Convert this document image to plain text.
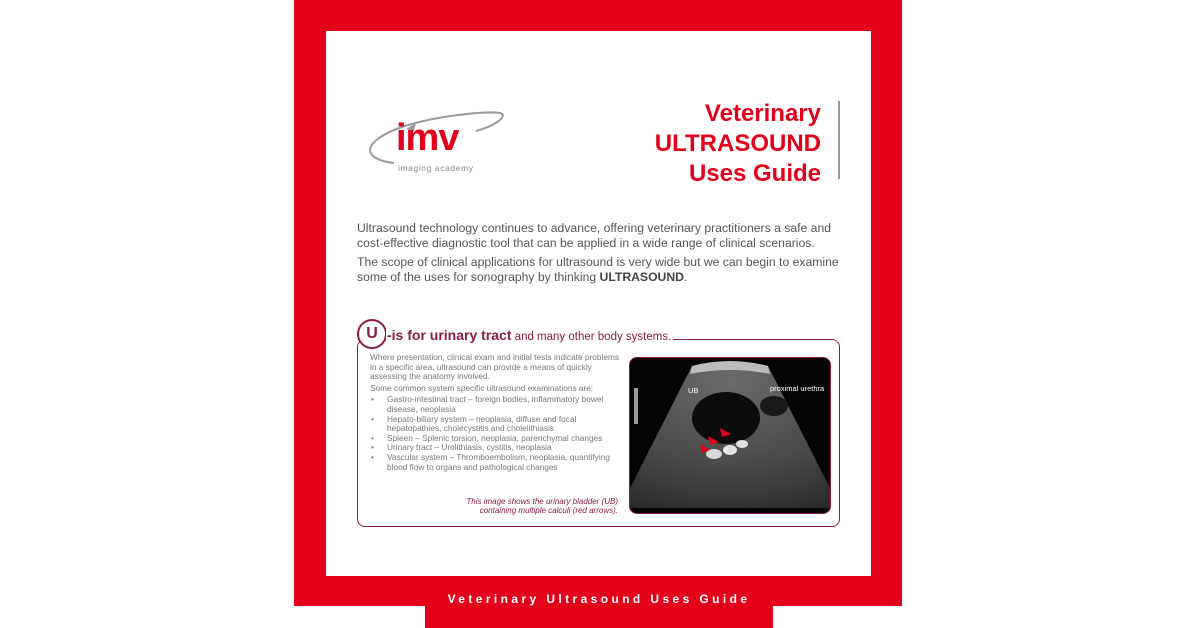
imv
imaging academy
Veterinary
ULTRASOUND
Uses Guide

Ultrasound technology continues to advance, offering veterinary practitioners a safe and cost-effective diagnostic tool that can be applied in a wide range of clinical scenarios.

The scope of clinical applications for ultrasound is very wide but we can begin to examine some of the uses for sonography by thinking ULTRASOUND.

U -is for urinary tract and many other body systems.

Where presentation, clinical exam and initial tests indicate problems in a specific area, ultrasound can provide a means of quickly assessing the anatomy involved.

Some common system specific ultrasound examinations are:

• Gastro-intestinal tract – foreign bodies, inflammatory bowel disease, neoplasia
• Hepato-biliary system – neoplasia, diffuse and focal hepatopathies, cholecystitis and cholelithiasis
• Spleen – Splenic torsion, neoplasia, parenchymal changes
• Urinary tract – Urolithiasis, cystitis, neoplasia
• Vascular system – Thromboembolism, neoplasia, quantifying blood flow to organs and pathological changes
This image shows the urinary bladder (UB) containing multiple calculi (red arrows).
UB	proximal urethra
Veterinary Ultrasound Uses Guide
